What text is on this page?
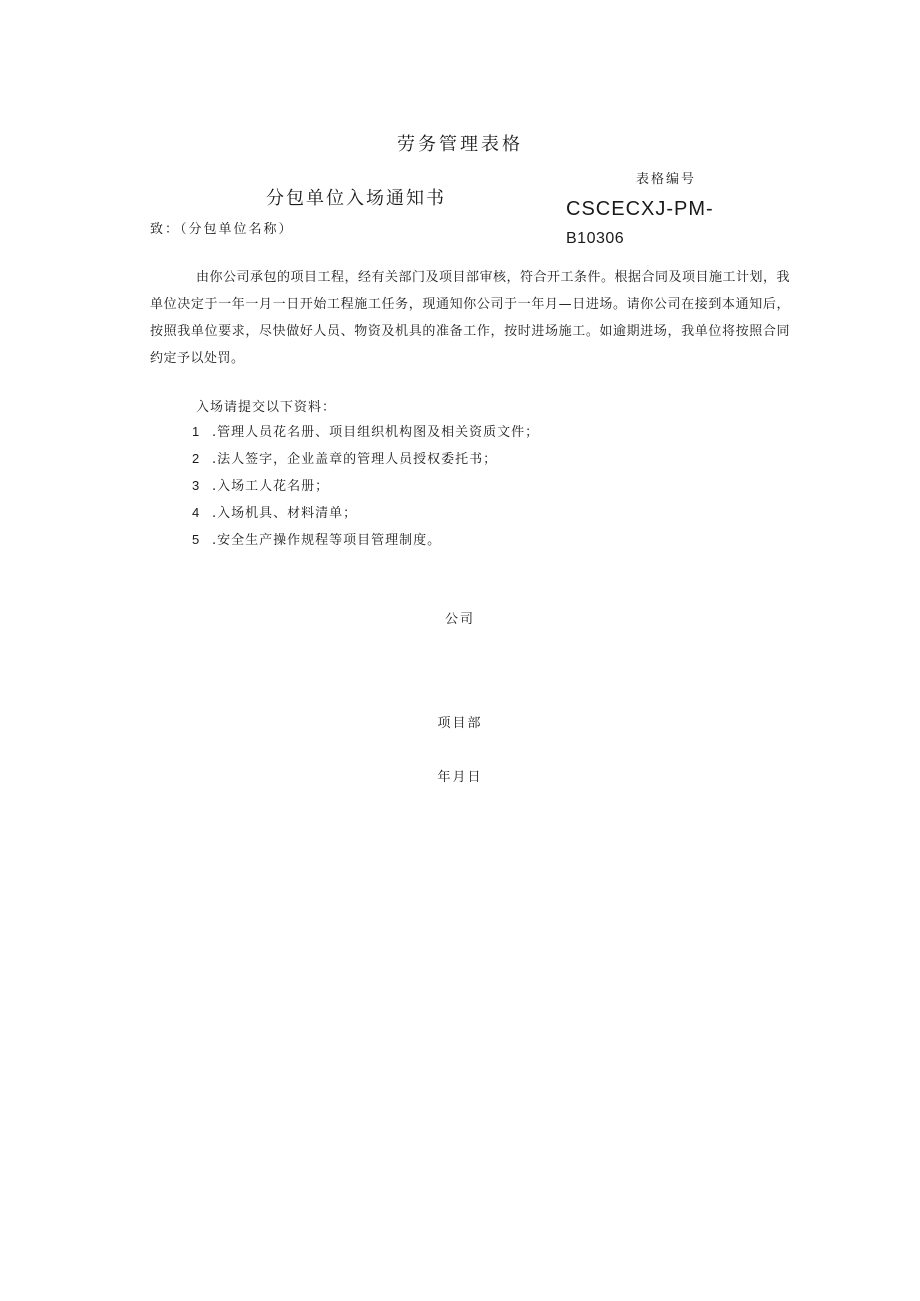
劳务管理表格
分包单位入场通知书
表格编号
CSCECXJ-PM-
B10306
致：（分包单位名称）
由你公司承包的项目工程，经有关部门及项目部审核，符合开工条件。根据合同及项目施工计划，我单位决定于一年一月一日开始工程施工任务，现通知你公司于一年月—日进场。请你公司在接到本通知后，按照我单位要求，尽快做好人员、物资及机具的准备工作，按时进场施工。如逾期进场，我单位将按照合同约定予以处罚。
入场请提交以下资料：
1 .管理人员花名册、项目组织机构图及相关资质文件；
2 .法人签字，企业盖章的管理人员授权委托书；
3 .入场工人花名册；
4 .入场机具、材料清单；
5 .安全生产操作规程等项目管理制度。
公司
项目部
年月日
